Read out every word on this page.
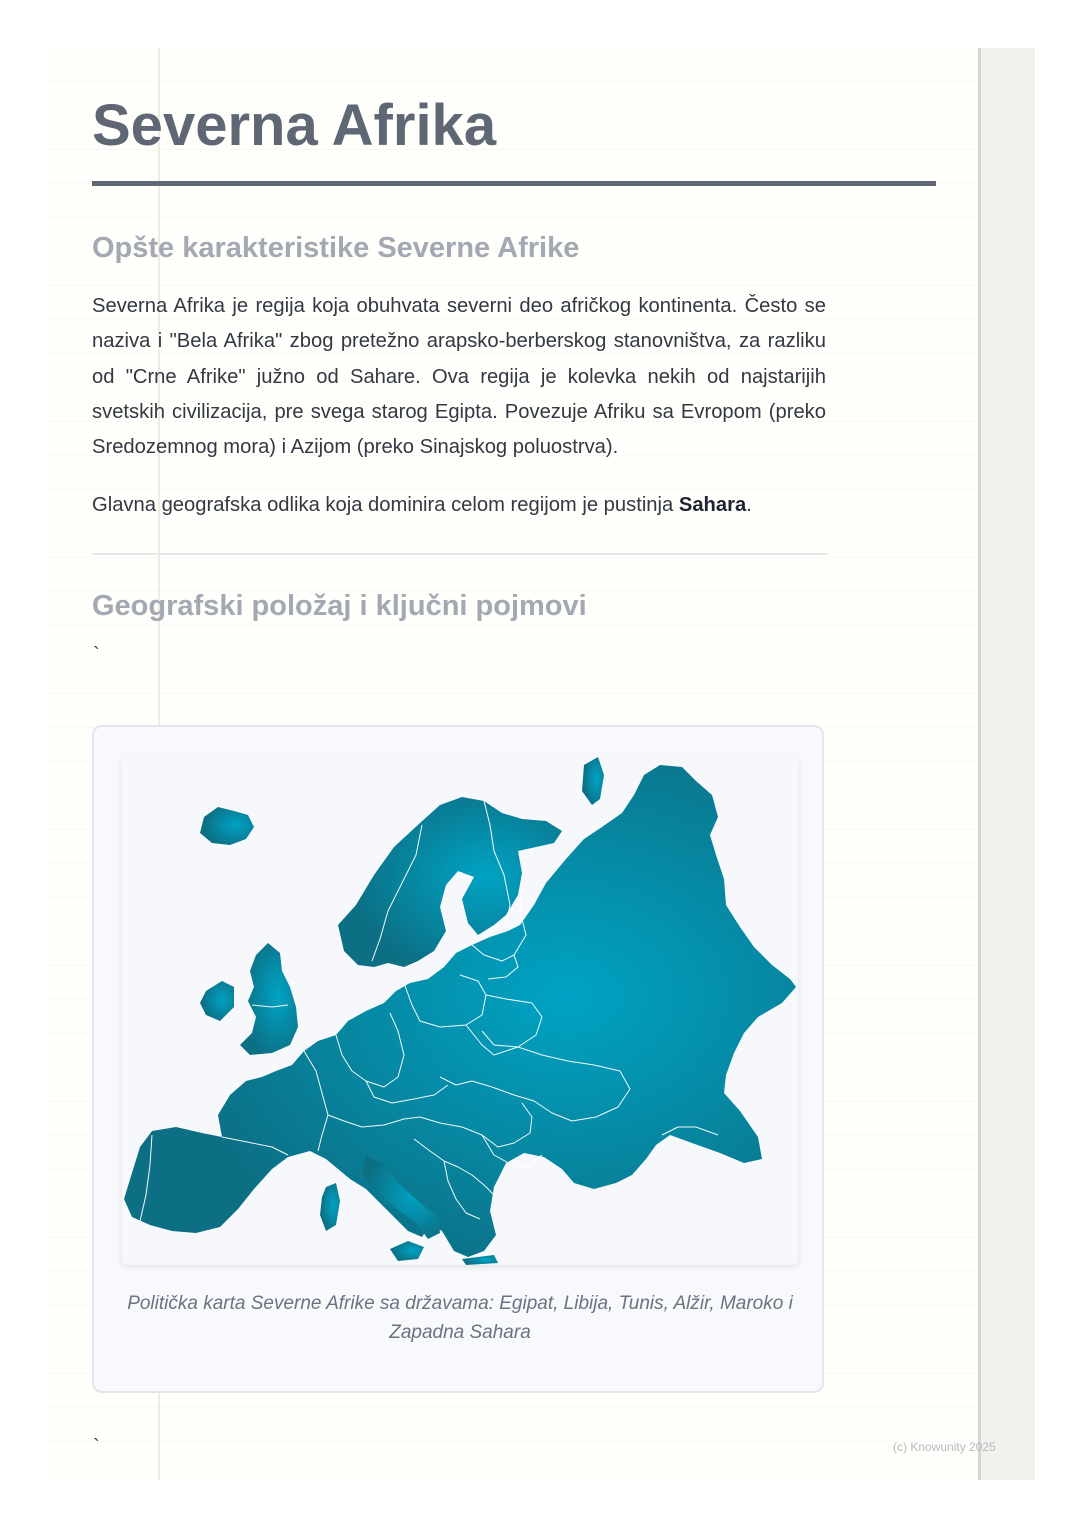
Severna Afrika
Opšte karakteristike Severne Afrike

Severna Afrika je regija koja obuhvata severni deo afričkog kontinenta. Često se naziva i "Bela Afrika" zbog pretežno arapsko-berberskog stanovništva, za razliku od "Crne Afrike" južno od Sahare. Ova regija je kolevka nekih od najstarijih svetskih civilizacija, pre svega starog Egipta. Povezuje Afriku sa Evropom (preko Sredozemnog mora) i Azijom (preko Sinajskog poluostrva).

Glavna geografska odlika koja dominira celom regijom je pustinja Sahara.

Geografski položaj i ključni pojmovi
`

Politička karta Severne Afrike sa državama: Egipat, Libija, Tunis, Alžir, Maroko i Zapadna Sahara

`	(c) Knowunity 2025
